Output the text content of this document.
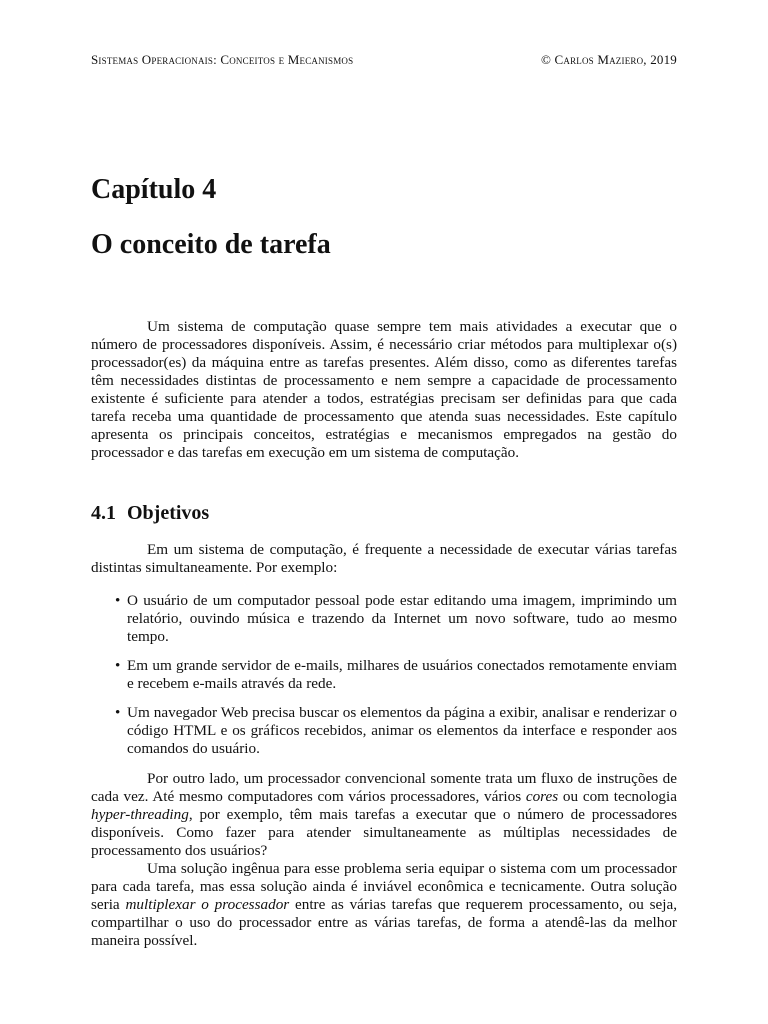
Sistemas Operacionais: Conceitos e Mecanismos	© Carlos Maziero, 2019
Capítulo 4
O conceito de tarefa

Um sistema de computação quase sempre tem mais atividades a executar que o número de processadores disponíveis. Assim, é necessário criar métodos para multiplexar o(s) processador(es) da máquina entre as tarefas presentes. Além disso, como as diferentes tarefas têm necessidades distintas de processamento e nem sempre a capacidade de processamento existente é suficiente para atender a todos, estratégias precisam ser definidas para que cada tarefa receba uma quantidade de processamento que atenda suas necessidades. Este capítulo apresenta os principais conceitos, estratégias e mecanismos empregados na gestão do processador e das tarefas em execução em um sistema de computação.

4.1 Objetivos

Em um sistema de computação, é frequente a necessidade de executar várias tarefas distintas simultaneamente. Por exemplo:

• O usuário de um computador pessoal pode estar editando uma imagem, imprimindo um relatório, ouvindo música e trazendo da Internet um novo software, tudo ao mesmo tempo.
• Em um grande servidor de e-mails, milhares de usuários conectados remotamente enviam e recebem e-mails através da rede.
• Um navegador Web precisa buscar os elementos da página a exibir, analisar e renderizar o código HTML e os gráficos recebidos, animar os elementos da interface e responder aos comandos do usuário.

Por outro lado, um processador convencional somente trata um fluxo de instruções de cada vez. Até mesmo computadores com vários processadores, vários cores ou com tecnologia hyper-threading, por exemplo, têm mais tarefas a executar que o número de processadores disponíveis. Como fazer para atender simultaneamente as múltiplas necessidades de processamento dos usuários?

Uma solução ingênua para esse problema seria equipar o sistema com um processador para cada tarefa, mas essa solução ainda é inviável econômica e tecnicamente. Outra solução seria multiplexar o processador entre as várias tarefas que requerem processamento, ou seja, compartilhar o uso do processador entre as várias tarefas, de forma a atendê-las da melhor maneira possível.
